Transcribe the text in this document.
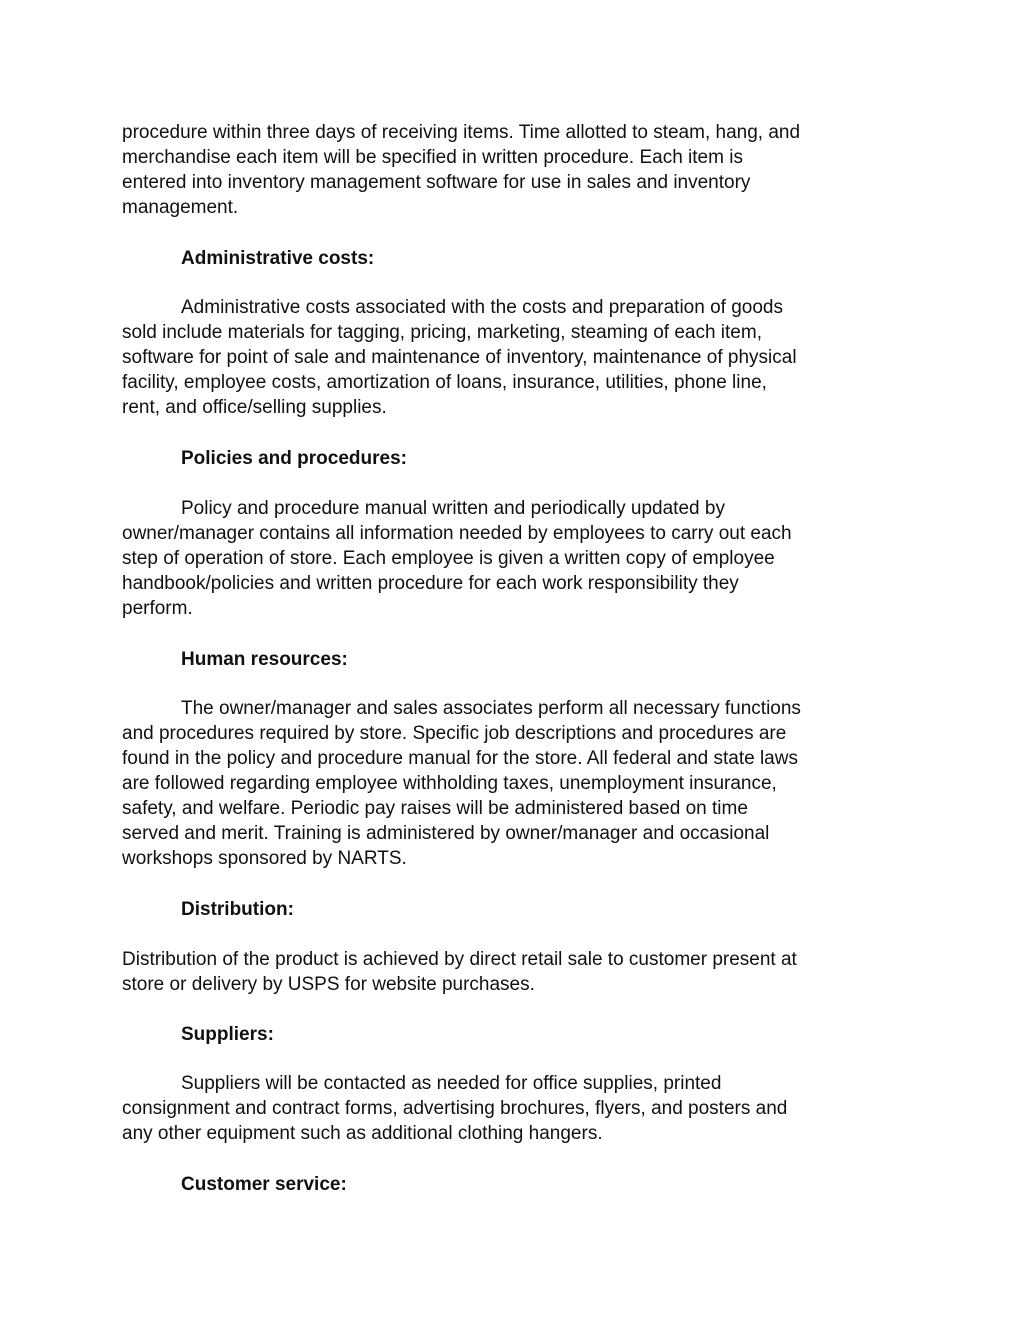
procedure within three days of receiving items. Time allotted to steam, hang, and

merchandise each item will be specified in written procedure. Each item is

entered into inventory management software for use in sales and inventory

management.

Administrative costs:

Administrative costs associated with the costs and preparation of goods

sold include materials for tagging, pricing, marketing, steaming of each item,

software for point of sale and maintenance of inventory, maintenance of physical

facility, employee costs, amortization of loans, insurance, utilities, phone line,

rent, and office/selling supplies.

Policies and procedures:

Policy and procedure manual written and periodically updated by

owner/manager contains all information needed by employees to carry out each

step of operation of store. Each employee is given a written copy of employee

handbook/policies and written procedure for each work responsibility they

perform.

Human resources:

The owner/manager and sales associates perform all necessary functions

and procedures required by store. Specific job descriptions and procedures are

found in the policy and procedure manual for the store. All federal and state laws

are followed regarding employee withholding taxes, unemployment insurance,

safety, and welfare. Periodic pay raises will be administered based on time

served and merit. Training is administered by owner/manager and occasional

workshops sponsored by NARTS.

Distribution:

Distribution of the product is achieved by direct retail sale to customer present at

store or delivery by USPS for website purchases.

Suppliers:

Suppliers will be contacted as needed for office supplies, printed

consignment and contract forms, advertising brochures, flyers, and posters and

any other equipment such as additional clothing hangers.

Customer service:
